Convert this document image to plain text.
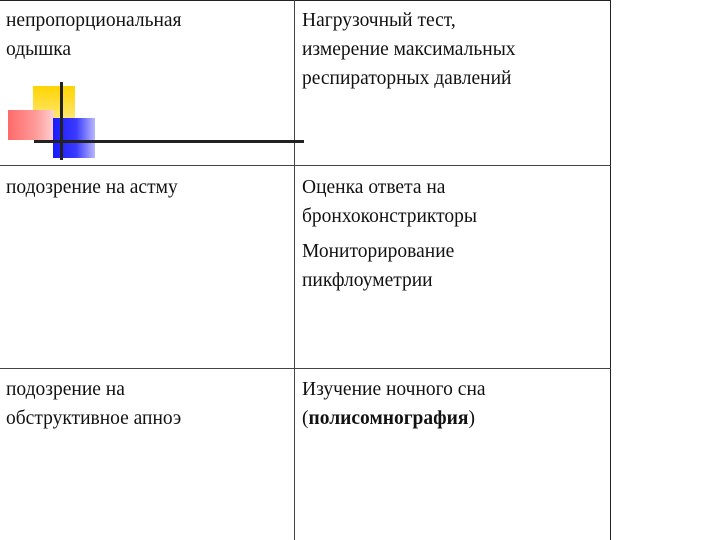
непропорциональная
одышка
Нагрузочный тест,
измерение максимальных
респираторных давлений
подозрение на астму	Оценка ответа на
бронхоконстрикторы
Мониторирование
пикфлоуметрии
подозрение на
обструктивное апноэ
Изучение ночного сна
(полисомнография)
